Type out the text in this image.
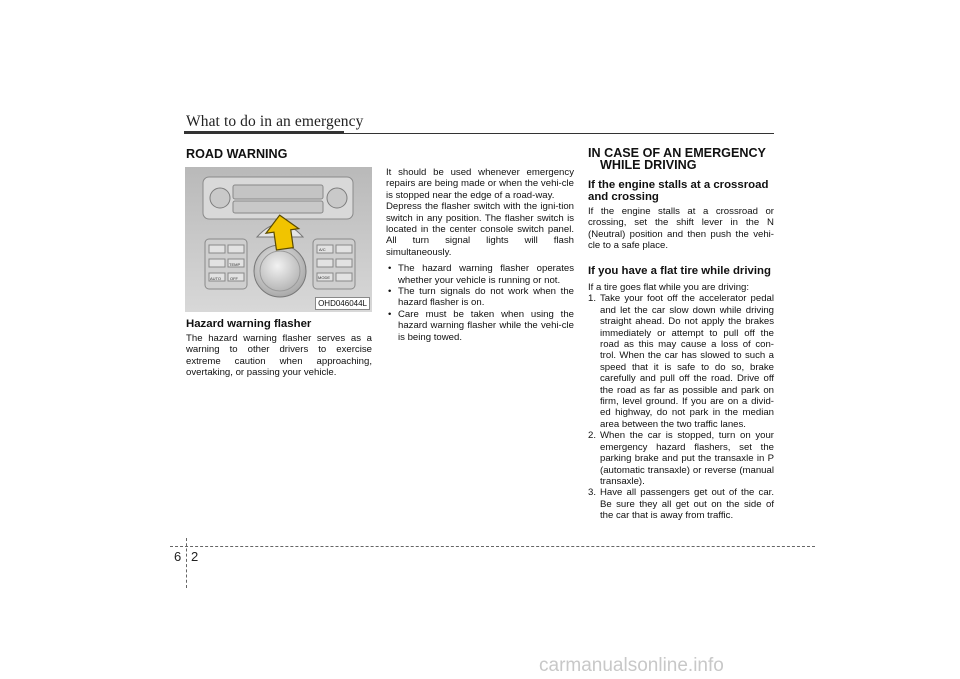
What to do in an emergency
ROAD WARNING
TEMP
AUTO OFF
A/C
MODE
OHD046044L
Hazard warning flasher

The hazard warning flasher serves as a warning to other drivers to exercise extreme caution when approaching, overtaking, or passing your vehicle.

It should be used whenever emergency repairs are being made or when the vehi-cle is stopped near the edge of a road-way.

Depress the flasher switch with the igni-tion switch in any position. The flasher switch is located in the center console switch panel. All turn signal lights will flash simultaneously.

• The hazard warning flasher operates whether your vehicle is running or not.
• The turn signals do not work when the hazard flasher is on.
• Care must be taken when using the hazard warning flasher while the vehi-cle is being towed.
IN CASE OF AN EMERGENCY
WHILE DRIVING
If the engine stalls at a crossroad
and crossing

If the engine stalls at a crossroad or crossing, set the shift lever in the N (Neutral) position and then push the vehi-cle to a safe place.

If you have a flat tire while driving

If a tire goes flat while you are driving:

1. Take your foot off the accelerator pedal and let the car slow down while driving straight ahead. Do not apply the brakes immediately or attempt to pull off the road as this may cause a loss of con-trol. When the car has slowed to such a speed that it is safe to do so, brake carefully and pull off the road. Drive off the road as far as possible and park on firm, level ground. If you are on a divid-ed highway, do not park in the median area between the two traffic lanes.
2. When the car is stopped, turn on your emergency hazard flashers, set the parking brake and put the transaxle in P (automatic transaxle) or reverse (manual transaxle).
3. Have all passengers get out of the car. Be sure they all get out on the side of the car that is away from traffic.
6 2
carmanualsonline.info
